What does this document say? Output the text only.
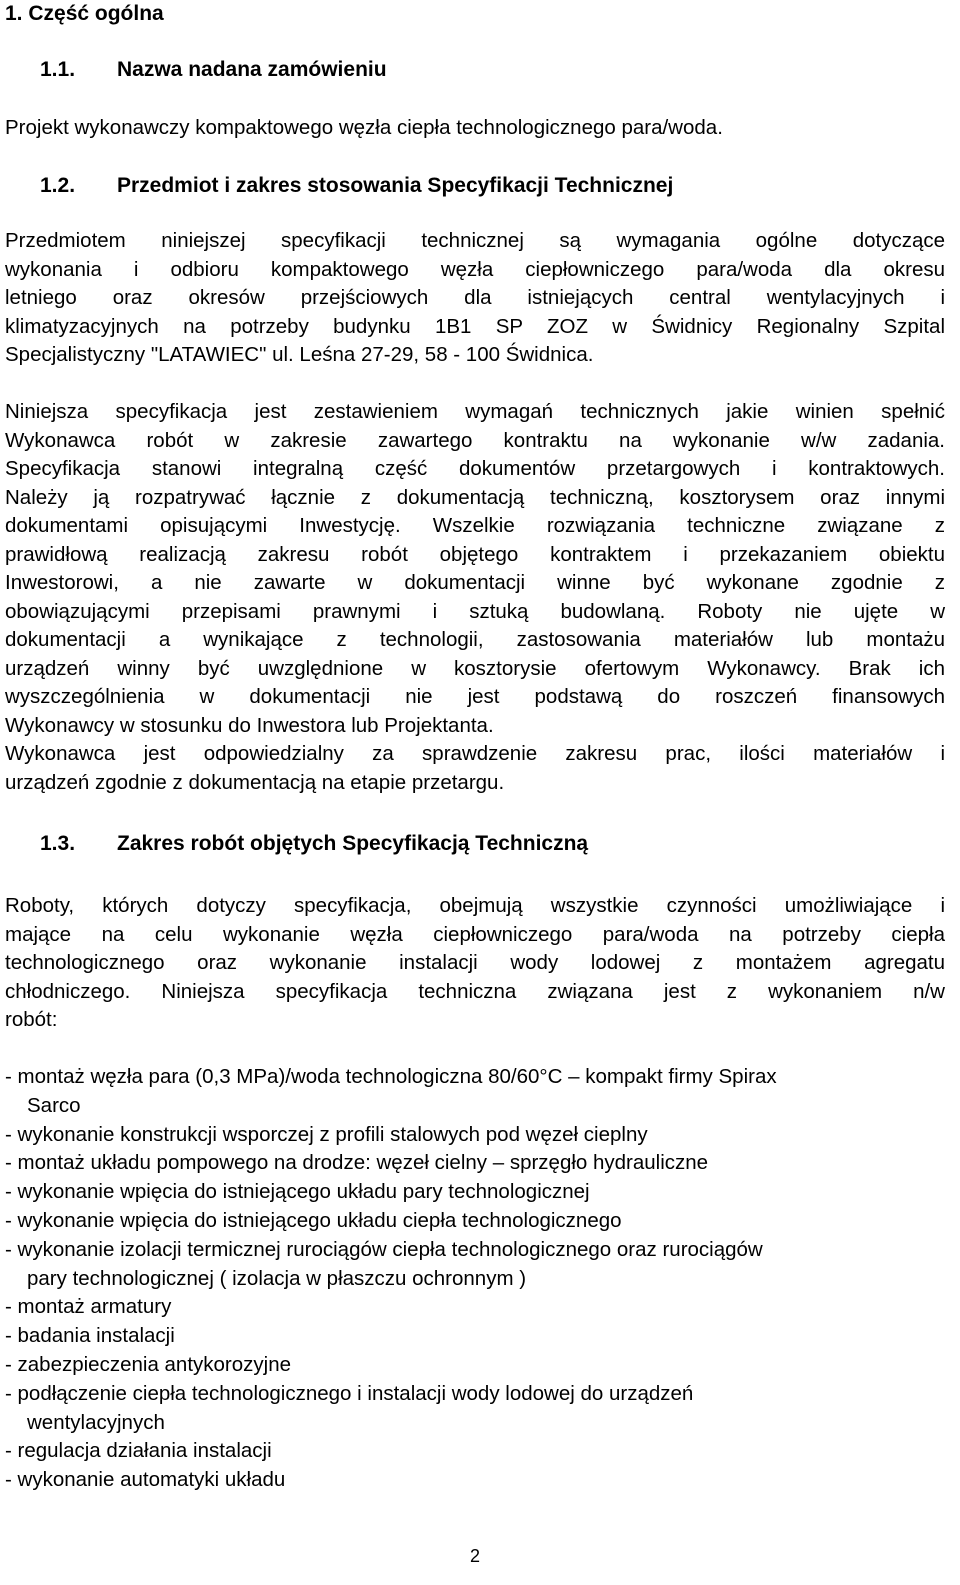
1. Część ogólna
1.1. Nazwa nadana zamówieniu
Projekt wykonawczy kompaktowego węzła ciepła technologicznego para/woda.
1.2. Przedmiot i zakres stosowania Specyfikacji Technicznej
Przedmiotem niniejszej specyfikacji technicznej są wymagania ogólne dotyczące
wykonania i odbioru kompaktowego węzła ciepłowniczego para/woda dla okresu
letniego oraz okresów przejściowych dla istniejących central wentylacyjnych i
klimatyzacyjnych na potrzeby budynku 1B1 SP ZOZ w Świdnicy Regionalny Szpital
Specjalistyczny "LATAWIEC" ul. Leśna 27-29, 58 - 100 Świdnica.
Niniejsza specyfikacja jest zestawieniem wymagań technicznych jakie winien spełnić
Wykonawca robót w zakresie zawartego kontraktu na wykonanie w/w zadania.
Specyfikacja stanowi integralną część dokumentów przetargowych i kontraktowych.
Należy ją rozpatrywać łącznie z dokumentacją techniczną, kosztorysem oraz innymi
dokumentami opisującymi Inwestycję. Wszelkie rozwiązania techniczne związane z
prawidłową realizacją zakresu robót objętego kontraktem i przekazaniem obiektu
Inwestorowi, a nie zawarte w dokumentacji winne być wykonane zgodnie z
obowiązującymi przepisami prawnymi i sztuką budowlaną. Roboty nie ujęte w
dokumentacji a wynikające z technologii, zastosowania materiałów lub montażu
urządzeń winny być uwzględnione w kosztorysie ofertowym Wykonawcy. Brak ich
wyszczególnienia w dokumentacji nie jest podstawą do roszczeń finansowych
Wykonawcy w stosunku do Inwestora lub Projektanta.
Wykonawca jest odpowiedzialny za sprawdzenie zakresu prac, ilości materiałów i
urządzeń zgodnie z dokumentacją na etapie przetargu.
1.3. Zakres robót objętych Specyfikacją Techniczną
Roboty, których dotyczy specyfikacja, obejmują wszystkie czynności umożliwiające i
mające na celu wykonanie węzła ciepłowniczego para/woda na potrzeby ciepła
technologicznego oraz wykonanie instalacji wody lodowej z montażem agregatu
chłodniczego. Niniejsza specyfikacja techniczna związana jest z wykonaniem n/w
robót:
- montaż węzła para (0,3 MPa)/woda technologiczna 80/60°C – kompakt firmy Spirax
Sarco
- wykonanie konstrukcji wsporczej z profili stalowych pod węzeł cieplny
- montaż układu pompowego na drodze: węzeł cielny – sprzęgło hydrauliczne
- wykonanie wpięcia do istniejącego układu pary technologicznej
- wykonanie wpięcia do istniejącego układu ciepła technologicznego
- wykonanie izolacji termicznej rurociągów ciepła technologicznego oraz rurociągów
pary technologicznej ( izolacja w płaszczu ochronnym )
- montaż armatury
- badania instalacji
- zabezpieczenia antykorozyjne
- podłączenie ciepła technologicznego i instalacji wody lodowej do urządzeń
wentylacyjnych
- regulacja działania instalacji
- wykonanie automatyki układu
2
